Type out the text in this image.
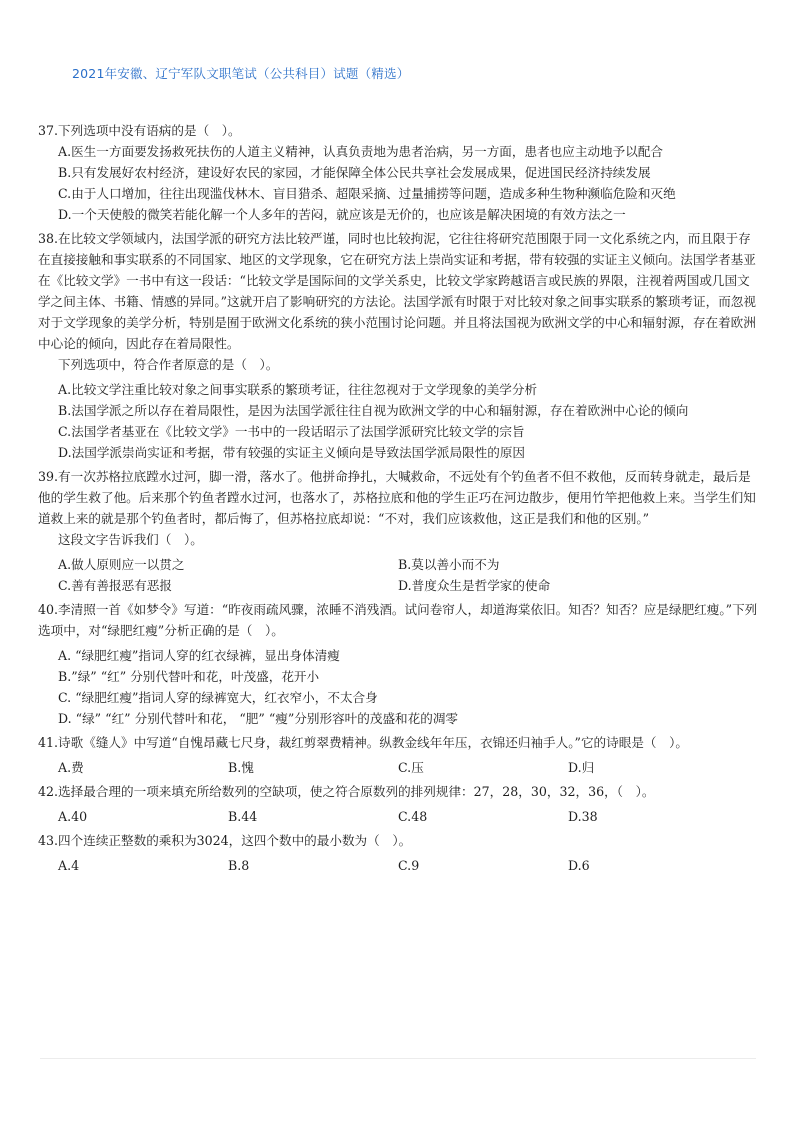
2021年安徽、辽宁军队文职笔试（公共科目）试题（精选）
37.下列选项中没有语病的是（　）。
A.医生一方面要发扬救死扶伤的人道主义精神，认真负责地为患者治病，另一方面，患者也应主动地予以配合
B.只有发展好农村经济，建设好农民的家园，才能保障全体公民共享社会发展成果，促进国民经济持续发展
C.由于人口增加，往往出现滥伐林木、盲目猎杀、超限采摘、过量捕捞等问题，造成多种生物种濒临危险和灭绝
D.一个天使般的微笑若能化解一个人多年的苦闷，就应该是无价的，也应该是解决困境的有效方法之一
38.在比较文学领域内，法国学派的研究方法比较严谨，同时也比较拘泥，它往往将研究范围限于同一文化系统之内，而且限于存在直接接触和事实联系的不同国家、地区的文学现象，它在研究方法上崇尚实证和考据，带有较强的实证主义倾向。法国学者基亚在《比较文学》一书中有这一段话：“比较文学是国际间的文学关系史，比较文学家跨越语言或民族的界限，注视着两国或几国文学之间主体、书籍、情感的异同。”这就开启了影响研究的方法论。法国学派有时限于对比较对象之间事实联系的繁琐考证，而忽视对于文学现象的美学分析，特别是囿于欧洲文化系统的狭小范围讨论问题。并且将法国视为欧洲文学的中心和辐射源，存在着欧洲中心论的倾向，因此存在着局限性。
下列选项中，符合作者原意的是（　）。
A.比较文学注重比较对象之间事实联系的繁琐考证，往往忽视对于文学现象的美学分析
B.法国学派之所以存在着局限性，是因为法国学派往往自视为欧洲文学的中心和辐射源，存在着欧洲中心论的倾向
C.法国学者基亚在《比较文学》一书中的一段话昭示了法国学派研究比较文学的宗旨
D.法国学派崇尚实证和考据，带有较强的实证主义倾向是导致法国学派局限性的原因
39.有一次苏格拉底蹚水过河，脚一滑，落水了。他拼命挣扎，大喊救命，不远处有个钓鱼者不但不救他，反而转身就走，最后是他的学生救了他。后来那个钓鱼者蹚水过河，也落水了，苏格拉底和他的学生正巧在河边散步，便用竹竿把他救上来。当学生们知道救上来的就是那个钓鱼者时，都后悔了，但苏格拉底却说：“不对，我们应该救他，这正是我们和他的区别。”
这段文字告诉我们（　）。
A.做人原则应一以贯之	B.莫以善小而不为
C.善有善报恶有恶报	D.普度众生是哲学家的使命
40.李清照一首《如梦令》写道：“昨夜雨疏风骤，浓睡不消残酒。试问卷帘人，却道海棠依旧。知否？知否？应是绿肥红瘦。”下列选项中，对“绿肥红瘦”分析正确的是（　）。
A. “绿肥红瘦”指词人穿的红衣绿裤，显出身体清瘦
B.”绿” “红” 分别代替叶和花，叶茂盛，花开小
C. “绿肥红瘦”指词人穿的绿裤宽大，红衣窄小，不太合身
D. “绿” “红” 分别代替叶和花， “肥” “瘦”分别形容叶的茂盛和花的凋零
41.诗歌《缝人》中写道“自愧昂藏七尺身，裁红剪翠费精神。纵教金线年年压，衣锦还归袖手人。”它的诗眼是（　）。
A.费	B.愧	C.压	D.归
42.选择最合理的一项来填充所给数列的空缺项，使之符合原数列的排列规律：27，28，30，32，36，（　）。
A.40	B.44	C.48	D.38
43.四个连续正整数的乘积为3024，这四个数中的最小数为（　）。
A.4	B.8	C.9	D.6
